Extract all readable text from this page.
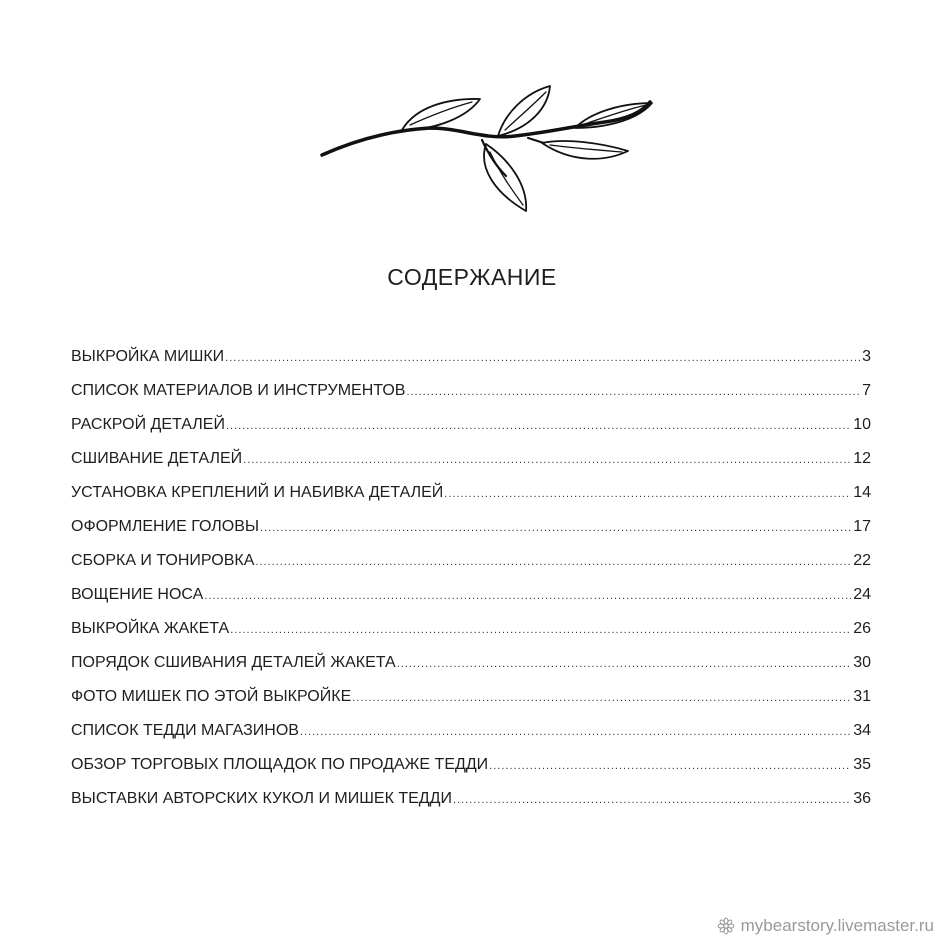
СОДЕРЖАНИЕ
ВЫКРОЙКА МИШКИ .....	3
СПИСОК МАТЕРИАЛОВ И ИНСТРУМЕНТОВ .....	7
РАСКРОЙ ДЕТАЛЕЙ .....	10
СШИВАНИЕ ДЕТАЛЕЙ .....	12
УСТАНОВКА КРЕПЛЕНИЙ И НАБИВКА ДЕТАЛЕЙ .....	14
ОФОРМЛЕНИЕ ГОЛОВЫ .....	17
СБОРКА И ТОНИРОВКА .....	22
ВОЩЕНИЕ НОСА .....	24
ВЫКРОЙКА ЖАКЕТА .....	26
ПОРЯДОК СШИВАНИЯ ДЕТАЛЕЙ ЖАКЕТА .....	30
ФОТО МИШЕК ПО ЭТОЙ ВЫКРОЙКЕ .....	31
СПИСОК ТЕДДИ МАГАЗИНОВ .....	34
ОБЗОР ТОРГОВЫХ ПЛОЩАДОК ПО ПРОДАЖЕ ТЕДДИ .....	35
ВЫСТАВКИ АВТОРСКИХ КУКОЛ И МИШЕК ТЕДДИ .....	36
mybearstory.livemaster.ru
